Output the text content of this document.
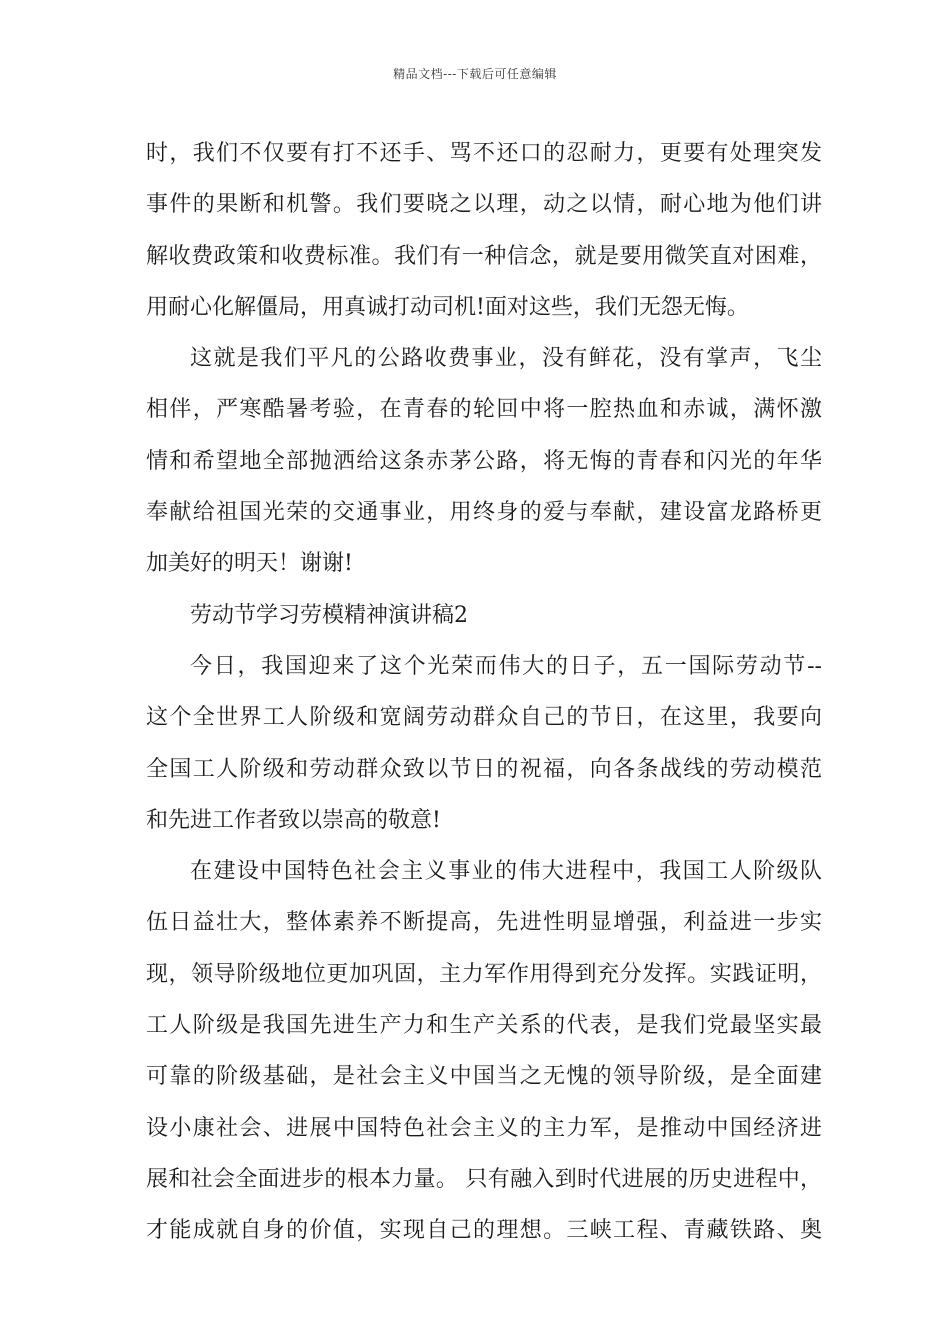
精品文档---下载后可任意编辑
时，我们不仅要有打不还手、骂不还口的忍耐力，更要有处理突发
事件的果断和机警。我们要晓之以理，动之以情，耐心地为他们讲
解收费政策和收费标准。我们有一种信念，就是要用微笑直对困难，
用耐心化解僵局，用真诚打动司机!面对这些，我们无怨无悔。
这就是我们平凡的公路收费事业，没有鲜花，没有掌声，飞尘
相伴，严寒酷暑考验，在青春的轮回中将一腔热血和赤诚，满怀激
情和希望地全部抛洒给这条赤茅公路，将无悔的青春和闪光的年华
奉献给祖国光荣的交通事业，用终身的爱与奉献，建设富龙路桥更
加美好的明天！谢谢!
劳动节学习劳模精神演讲稿2
今日，我国迎来了这个光荣而伟大的日子，五一国际劳动节--
这个全世界工人阶级和宽阔劳动群众自己的节日，在这里，我要向
全国工人阶级和劳动群众致以节日的祝福，向各条战线的劳动模范
和先进工作者致以崇高的敬意!
在建设中国特色社会主义事业的伟大进程中，我国工人阶级队
伍日益壮大，整体素养不断提高，先进性明显增强，利益进一步实
现，领导阶级地位更加巩固，主力军作用得到充分发挥。实践证明，
工人阶级是我国先进生产力和生产关系的代表，是我们党最坚实最
可靠的阶级基础，是社会主义中国当之无愧的领导阶级，是全面建
设小康社会、进展中国特色社会主义的主力军，是推动中国经济进
展和社会全面进步的根本力量。 只有融入到时代进展的历史进程中，
才能成就自身的价值，实现自己的理想。三峡工程、青藏铁路、奥
